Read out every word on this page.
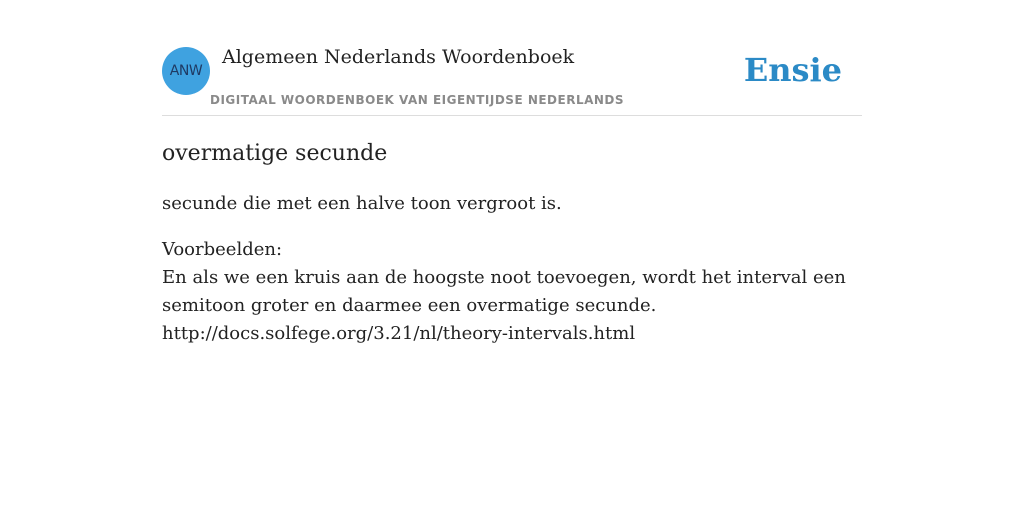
ANW
Algemeen Nederlands Woordenboek
DIGITAAL WOORDENBOEK VAN EIGENTIJDSE NEDERLANDS
Ensie
overmatige secunde
secunde die met een halve toon vergroot is.
Voorbeelden:
En als we een kruis aan de hoogste noot toevoegen, wordt het interval een semitoon groter en daarmee een overmatige secunde.
http://docs.solfege.org/3.21/nl/theory-intervals.html
